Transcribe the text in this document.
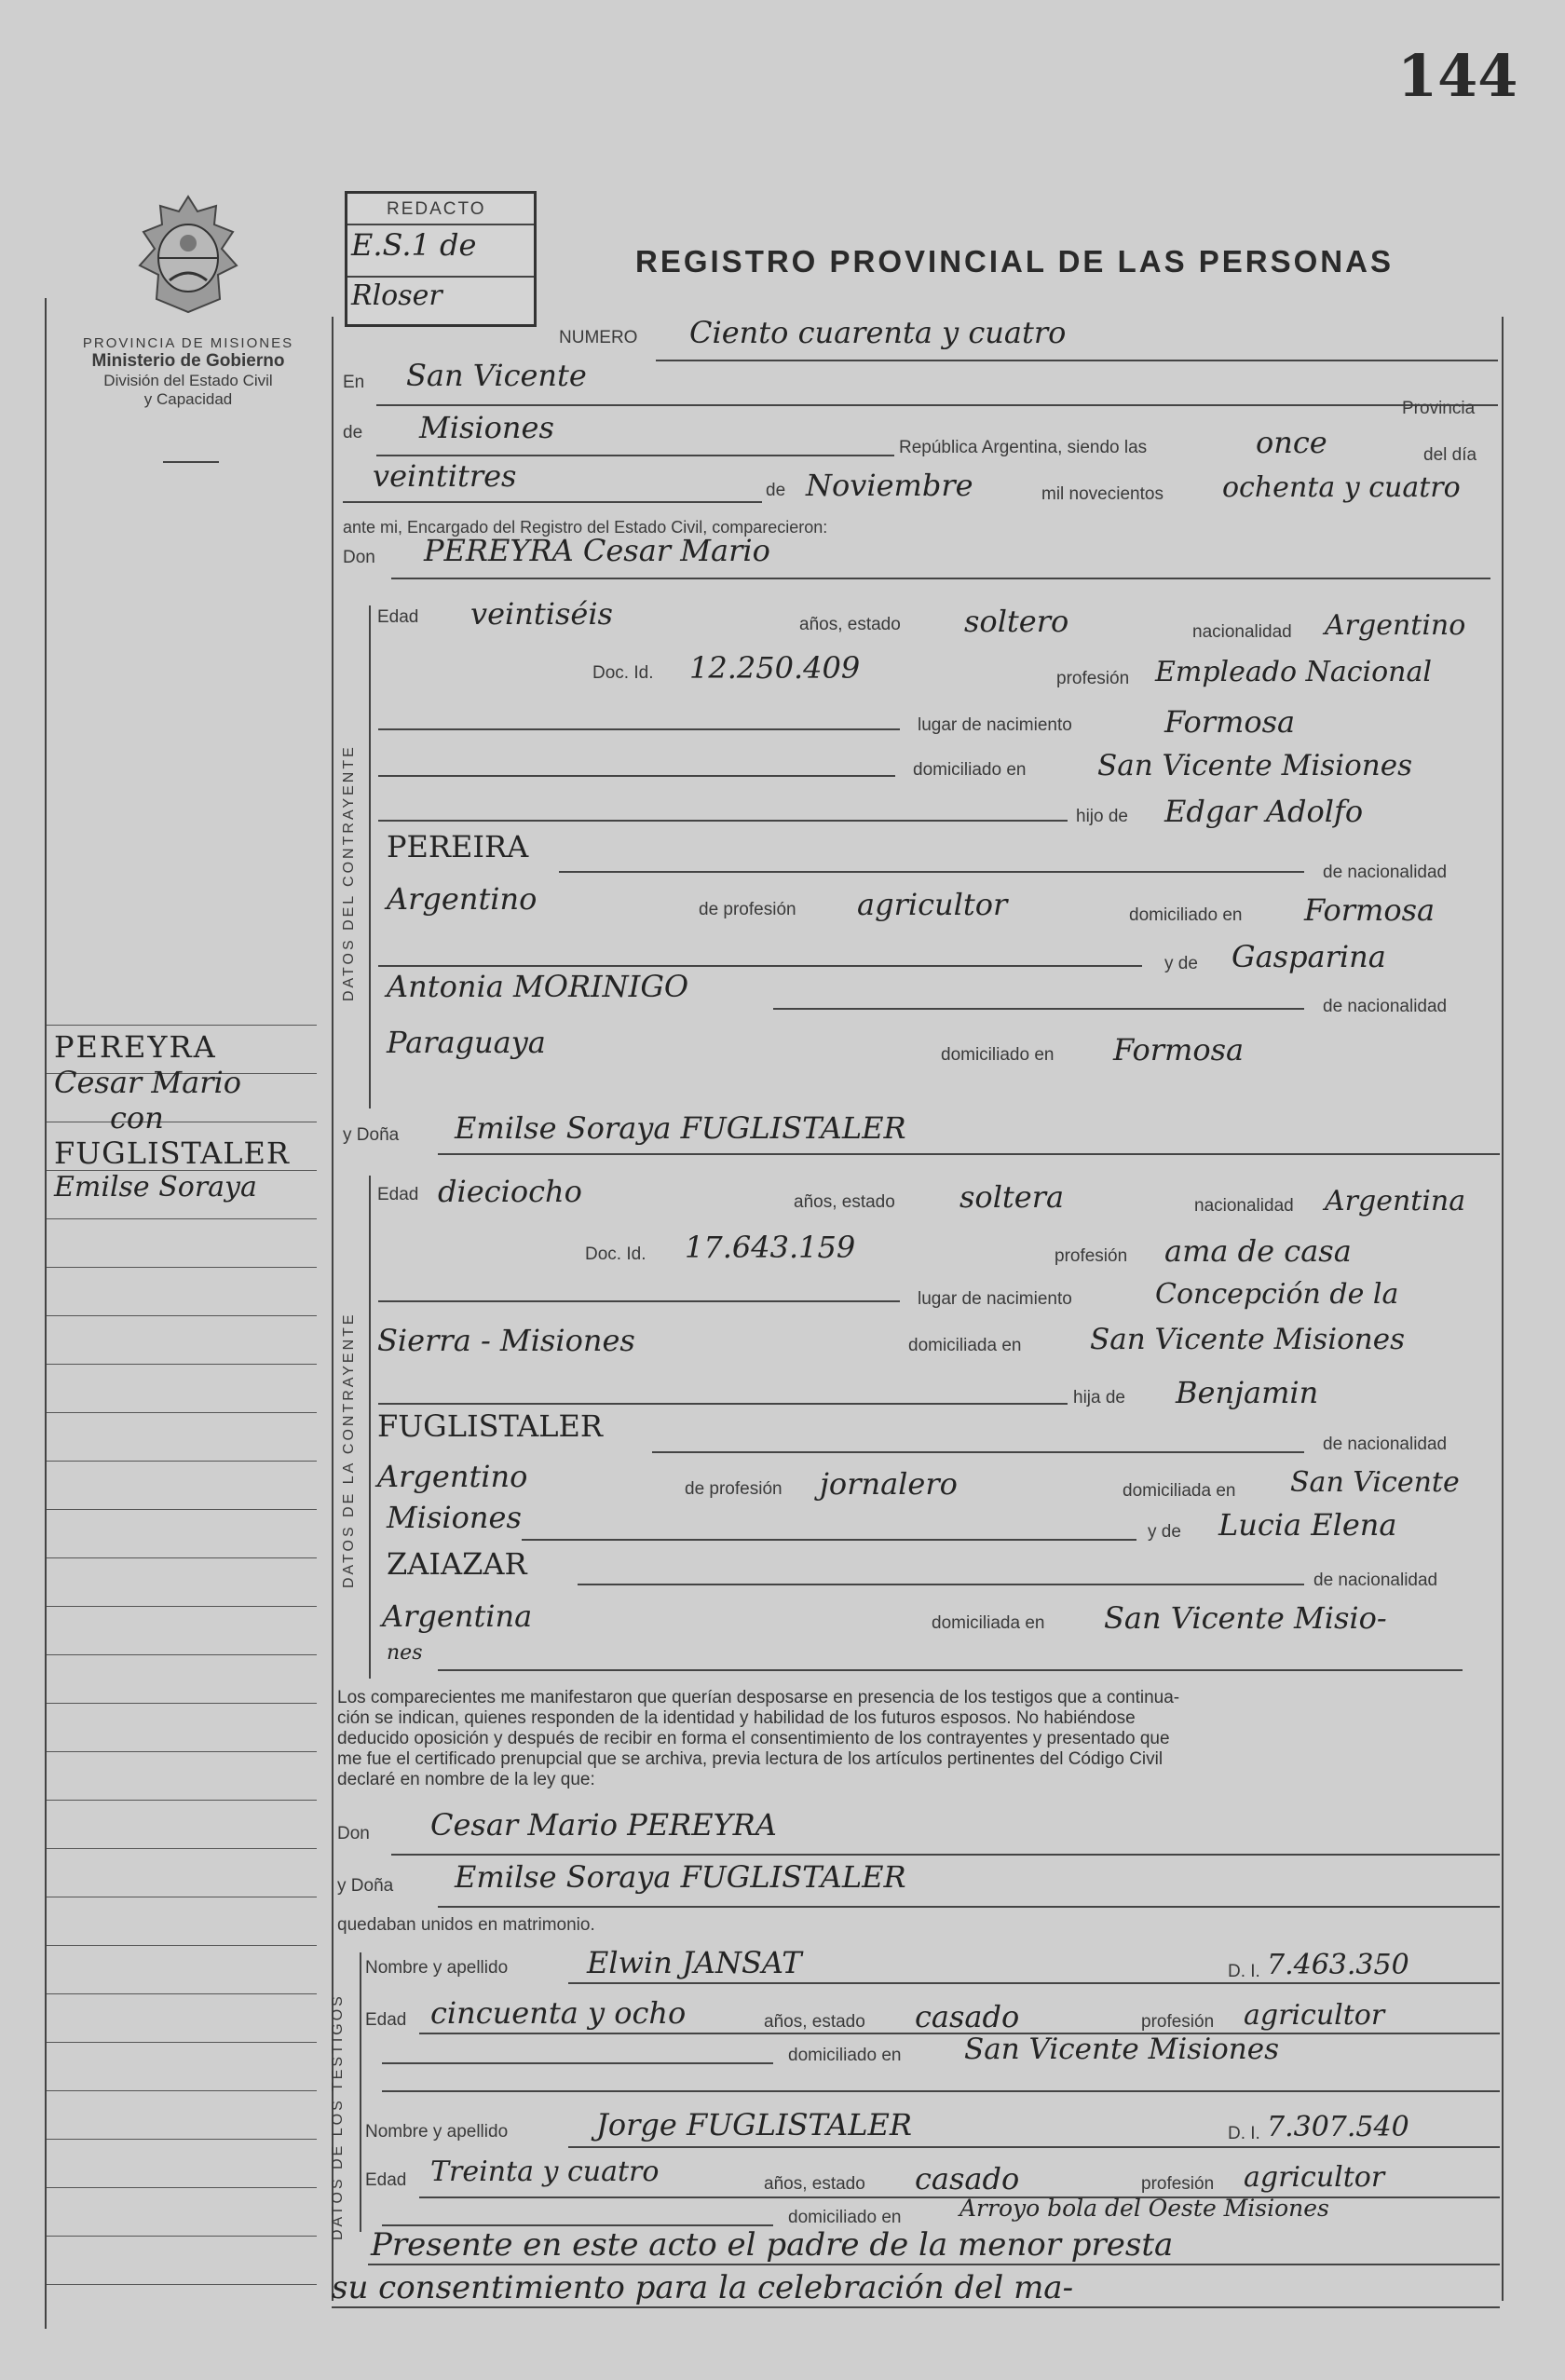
144
PROVINCIA DE MISIONES
Ministerio de Gobierno
División del Estado Civil
y Capacidad
REDACTO
E.S.1 de
Rloser
REGISTRO PROVINCIAL DE LAS PERSONAS
PEREYRA
Cesar Mario
con
FUGLISTALER
Emilse Soraya
NUMERO Ciento cuarenta y cuatro
En San Vicente
Provincia
de Misiones
República Argentina, siendo las	once	del día
veintitres	de Noviembre	mil novecientos ochenta y cuatro
ante mi, Encargado del Registro del Estado Civil, comparecieron:
Don PEREYRA Cesar Mario
DATOS DEL CONTRAYENTE
Edad veintiséis	años, estado soltero	nacionalidad Argentino
Doc. Id. 12.250.409	profesión Empleado Nacional
lugar de nacimiento	Formosa
domiciliado en San Vicente Misiones
hijo de Edgar Adolfo
PEREIRA
de nacionalidad
Argentino	de profesión agricultor	domiciliado en Formosa
y de Gasparina
Antonia MORINIGO
de nacionalidad
Paraguaya	domiciliado en Formosa
y Doña Emilse Soraya FUGLISTALER
DATOS DE LA CONTRAYENTE
Edad dieciocho	años, estado soltera	nacionalidad Argentina
Doc. Id. 17.643.159	profesión ama de casa
lugar de nacimiento	Concepción de la
Sierra - Misiones	domiciliada en San Vicente Misiones
hija de Benjamin
FUGLISTALER
de nacionalidad
Argentino	de profesión jornalero	domiciliada en San Vicente
Misiones	y de Lucia Elena
ZAIAZAR	de nacionalidad
Argentina	domiciliada en San Vicente Misio-
nes
Los comparecientes me manifestaron que querían desposarse en presencia de los testigos que a continua-
ción se indican, quienes responden de la identidad y habilidad de los futuros esposos. No habiéndose
deducido oposición y después de recibir en forma el consentimiento de los contrayentes y presentado que
me fue el certificado prenupcial que se archiva, previa lectura de los artículos pertinentes del Código Civil
declaré en nombre de la ley que:
Don Cesar Mario PEREYRA
y Doña Emilse Soraya FUGLISTALER
quedaban unidos en matrimonio.
DATOS DE LOS TESTIGOS
Nombre y apellido	Elwin JANSAT	D. I. 7.463.350
Edad cincuenta y ocho	años, estado casado	profesión agricultor
domiciliado en San Vicente Misiones
Nombre y apellido	Jorge FUGLISTALER	D. I. 7.307.540
Edad Treinta y cuatro	años, estado casado	profesión agricultor
domiciliado en	Arroyo bola del Oeste Misiones
Presente en este acto el padre de la menor presta
su consentimiento para la celebración del ma-
